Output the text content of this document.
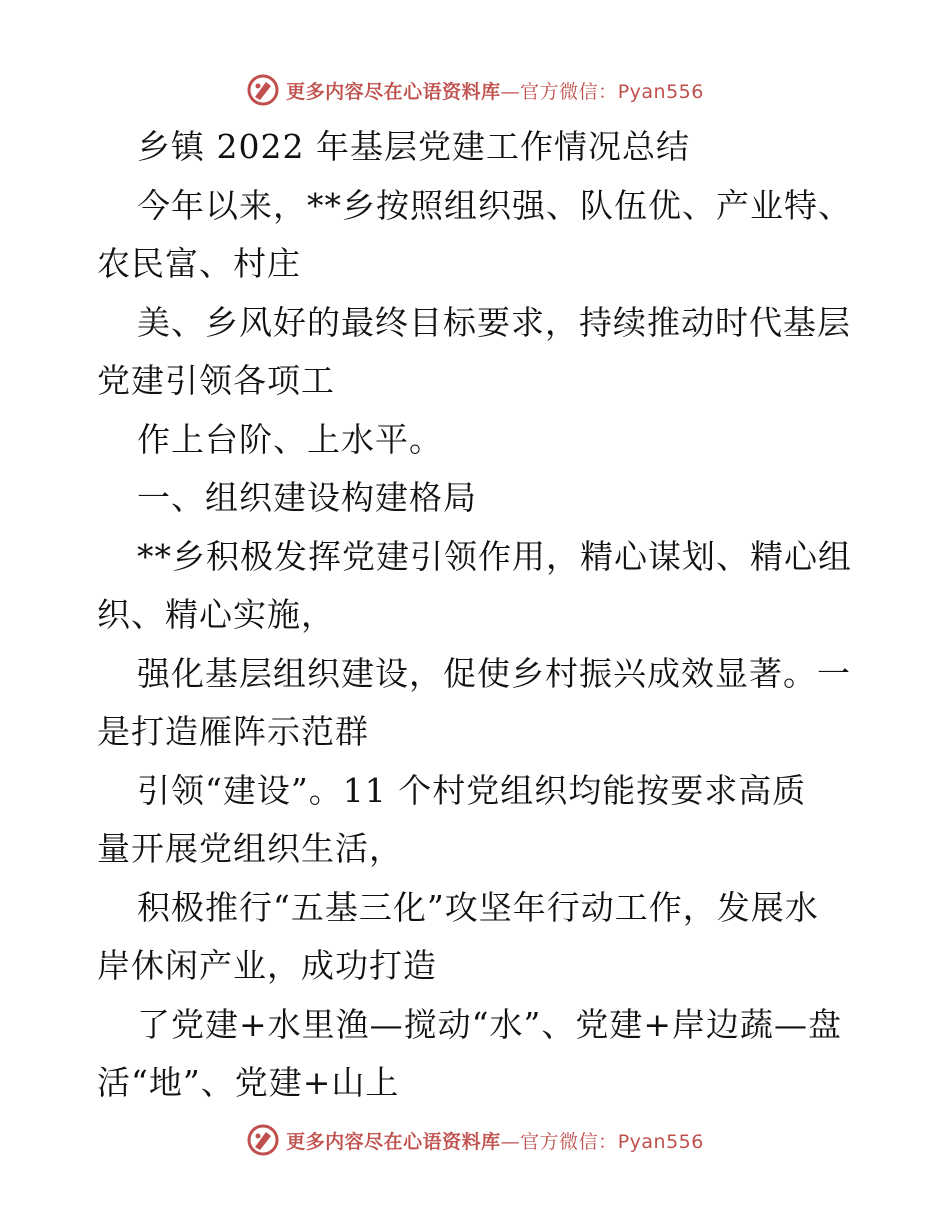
更多内容尽在心语资料库—官方微信：Pyan556
乡镇 2022 年基层党建工作情况总结
今年以来，**乡按照组织强、队伍优、产业特、
农民富、村庄
美、乡风好的最终目标要求，持续推动时代基层
党建引领各项工
作上台阶、上水平。
一、组织建设构建格局
**乡积极发挥党建引领作用，精心谋划、精心组
织、精心实施，
强化基层组织建设，促使乡村振兴成效显著。一
是打造雁阵示范群
引领“建设”。11 个村党组织均能按要求高质
量开展党组织生活，
积极推行“五基三化”攻坚年行动工作，发展水
岸休闲产业，成功打造
了党建+水里渔—搅动“水”、党建+岸边蔬—盘
活“地”、党建+山上
更多内容尽在心语资料库—官方微信：Pyan556
